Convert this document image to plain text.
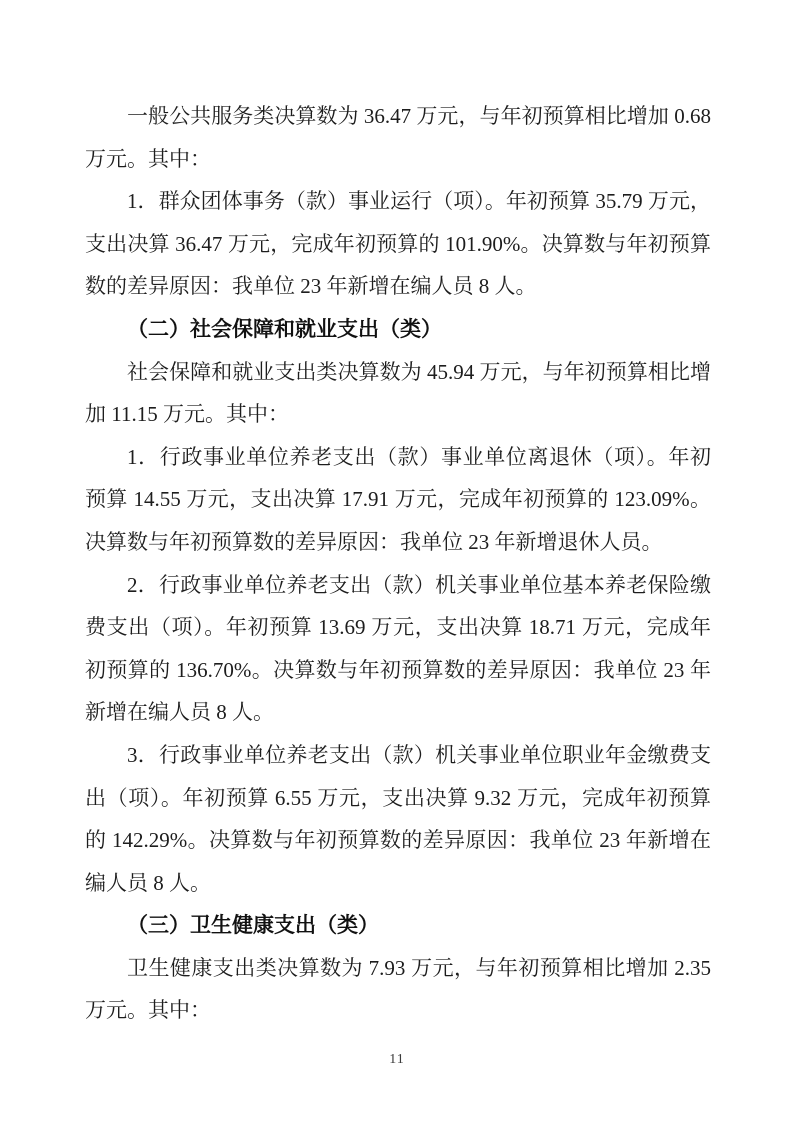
一般公共服务类决算数为 36.47 万元，与年初预算相比增加 0.68 万元。其中：

1．群众团体事务（款）事业运行（项）。年初预算 35.79 万元，支出决算 36.47 万元，完成年初预算的 101.90%。决算数与年初预算数的差异原因：我单位 23 年新增在编人员 8 人。

（二）社会保障和就业支出（类）

社会保障和就业支出类决算数为 45.94 万元，与年初预算相比增加 11.15 万元。其中：

1．行政事业单位养老支出（款）事业单位离退休（项）。年初预算 14.55 万元，支出决算 17.91 万元，完成年初预算的 123.09%。决算数与年初预算数的差异原因：我单位 23 年新增退休人员。

2．行政事业单位养老支出（款）机关事业单位基本养老保险缴费支出（项）。年初预算 13.69 万元，支出决算 18.71 万元，完成年初预算的 136.70%。决算数与年初预算数的差异原因：我单位 23 年新增在编人员 8 人。

3．行政事业单位养老支出（款）机关事业单位职业年金缴费支出（项）。年初预算 6.55 万元，支出决算 9.32 万元，完成年初预算的 142.29%。决算数与年初预算数的差异原因：我单位 23 年新增在编人员 8 人。

（三）卫生健康支出（类）

卫生健康支出类决算数为 7.93 万元，与年初预算相比增加 2.35 万元。其中：

11
